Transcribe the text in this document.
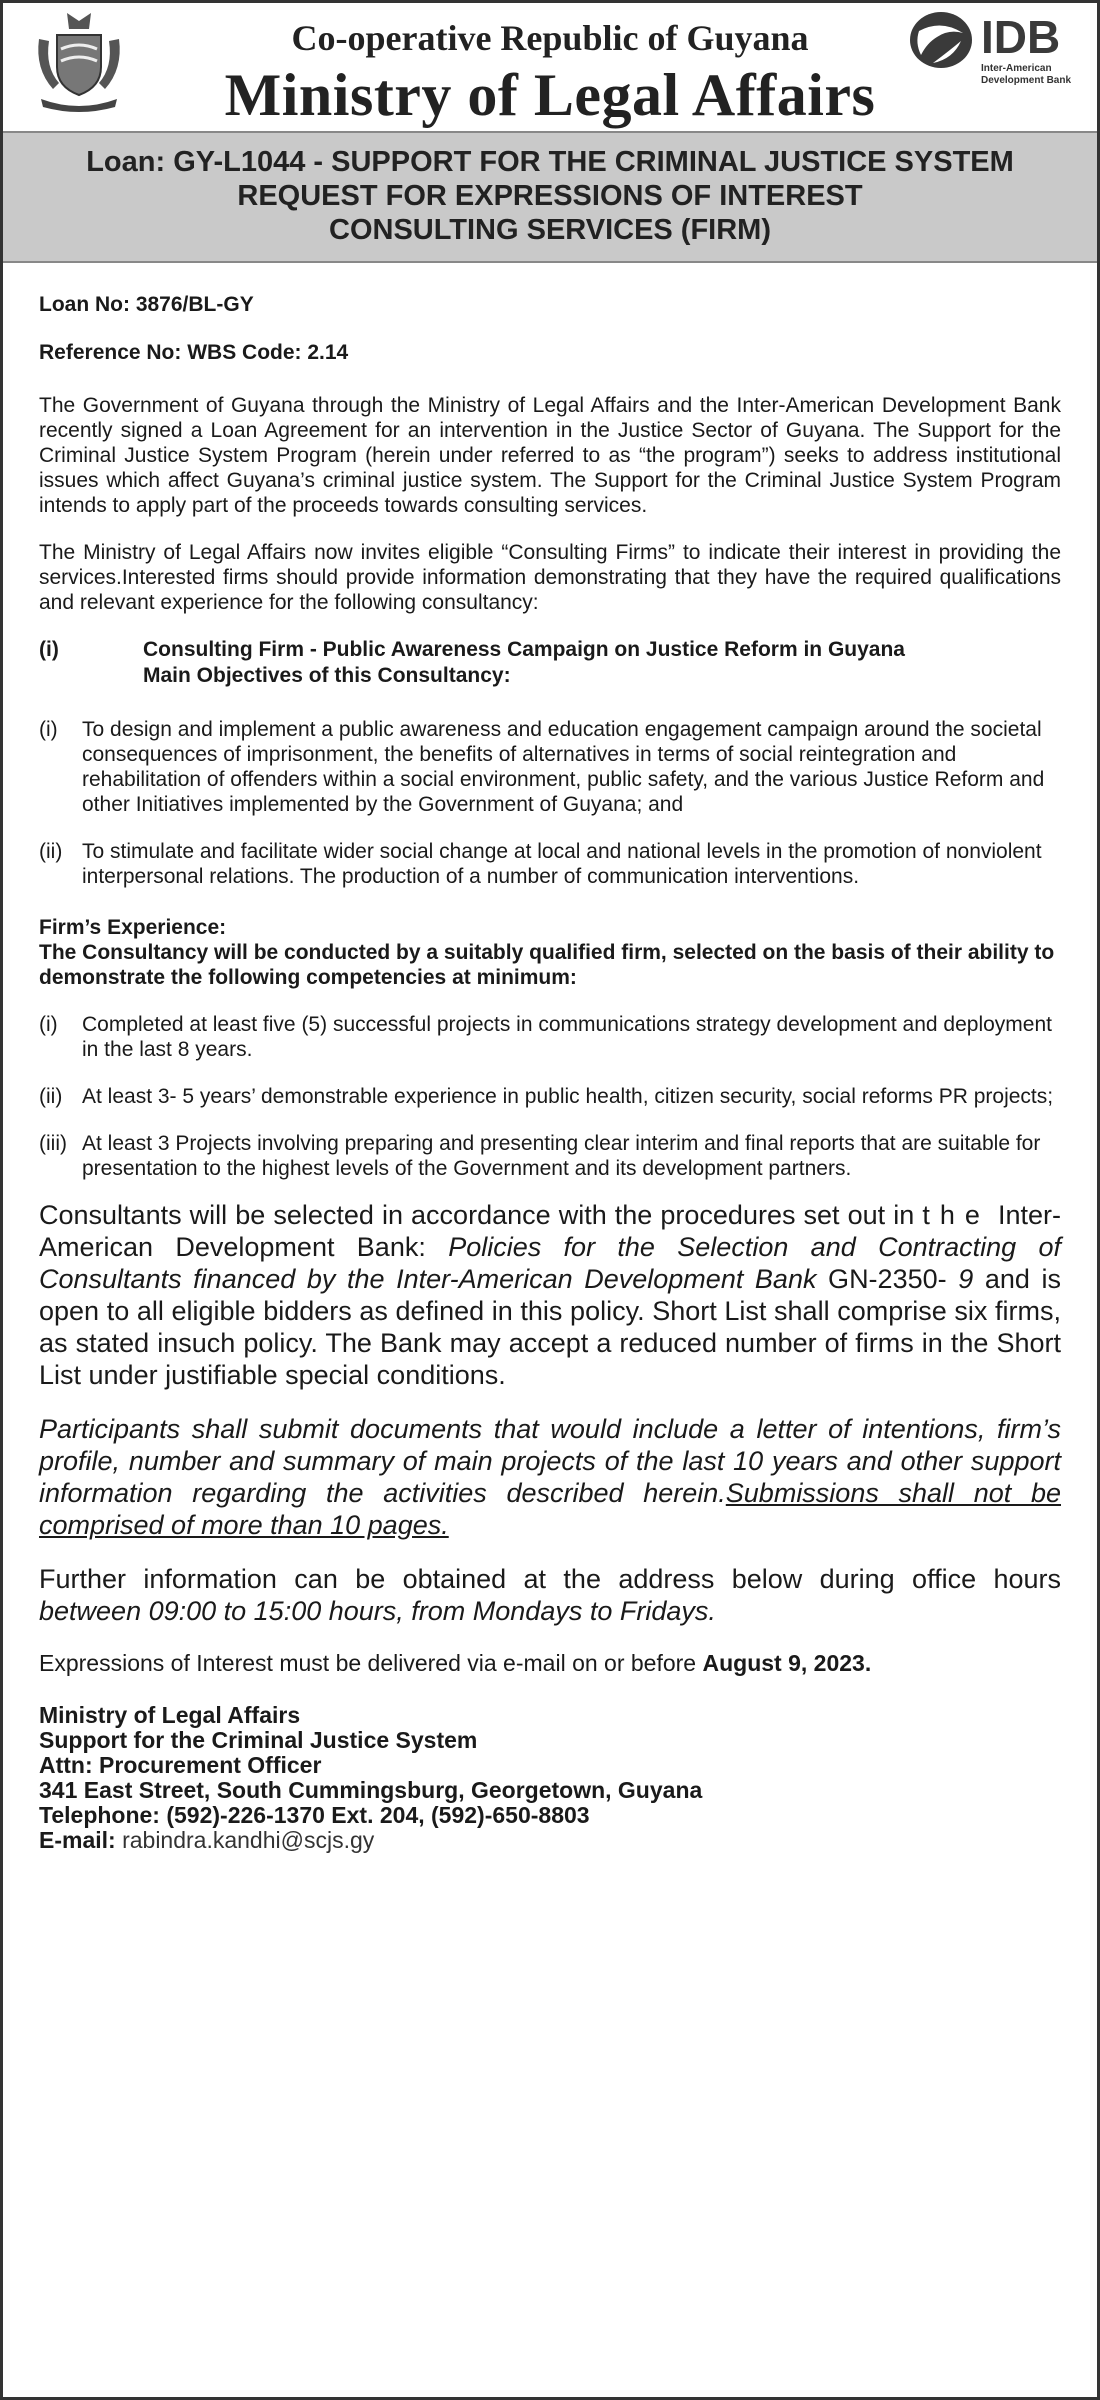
Co-operative Republic of Guyana
Ministry of Legal Affairs
IDB
Inter-American
Development Bank
Loan: GY-L1044 - SUPPORT FOR THE CRIMINAL JUSTICE SYSTEM
REQUEST FOR EXPRESSIONS OF INTEREST
CONSULTING SERVICES (FIRM)
Loan No: 3876/BL-GY
Reference No: WBS Code: 2.14
The Government of Guyana through the Ministry of Legal Affairs and the Inter-American Development Bank recently signed a Loan Agreement for an intervention in the Justice Sector of Guyana. The Support for the Criminal Justice System Program (herein under referred to as “the program”) seeks to address institutional issues which affect Guyana’s criminal justice system. The Support for the Criminal Justice System Program intends to apply part of the proceeds towards consulting services.
The Ministry of Legal Affairs now invites eligible “Consulting Firms” to indicate their interest in providing the services.Interested firms should provide information demonstrating that they have the required qualifications and relevant experience for the following consultancy:
(i)	Consulting Firm - Public Awareness Campaign on Justice Reform in Guyana
Main Objectives of this Consultancy:
(i)	To design and implement a public awareness and education engagement campaign around the societal consequences of imprisonment, the benefits of alternatives in terms of social reintegration and rehabilitation of offenders within a social environment, public safety, and the various Justice Reform and other Initiatives implemented by the Government of Guyana; and
(ii) To stimulate and facilitate wider social change at local and national levels in the promotion of nonviolent interpersonal relations. The production of a number of communication interventions.
Firm’s Experience:
The Consultancy will be conducted by a suitably qualified firm, selected on the basis of their ability to demonstrate the following competencies at minimum:
(i)	Completed at least five (5) successful projects in communications strategy development and deployment in the last 8 years.
(ii) At least 3- 5 years’ demonstrable experience in public health, citizen security, social reforms PR projects;
(iii) At least 3 Projects involving preparing and presenting clear interim and final reports that are suitable for presentation to the highest levels of the Government and its development partners.
Consultants will be selected in accordance with the procedures set out in the Inter-American Development Bank: Policies for the Selection and Contracting of Consultants financed by the Inter-American Development Bank GN-2350- 9 and is open to all eligible bidders as defined in this policy. Short List shall comprise six firms, as stated insuch policy. The Bank may accept a reduced number of firms in the Short List under justifiable special conditions.
Participants shall submit documents that would include a letter of intentions, firm’s profile, number and summary of main projects of the last 10 years and other support information regarding the activities described herein.Submissions shall not be comprised of more than 10 pages.
Further information can be obtained at the address below during office hours between 09:00 to 15:00 hours, from Mondays to Fridays.
Expressions of Interest must be delivered via e-mail on or before August 9, 2023.
Ministry of Legal Affairs
Support for the Criminal Justice System
Attn: Procurement Officer
341 East Street, South Cummingsburg, Georgetown, Guyana
Telephone: (592)-226-1370 Ext. 204, (592)-650-8803
E-mail: rabindra.kandhi@scjs.gy
